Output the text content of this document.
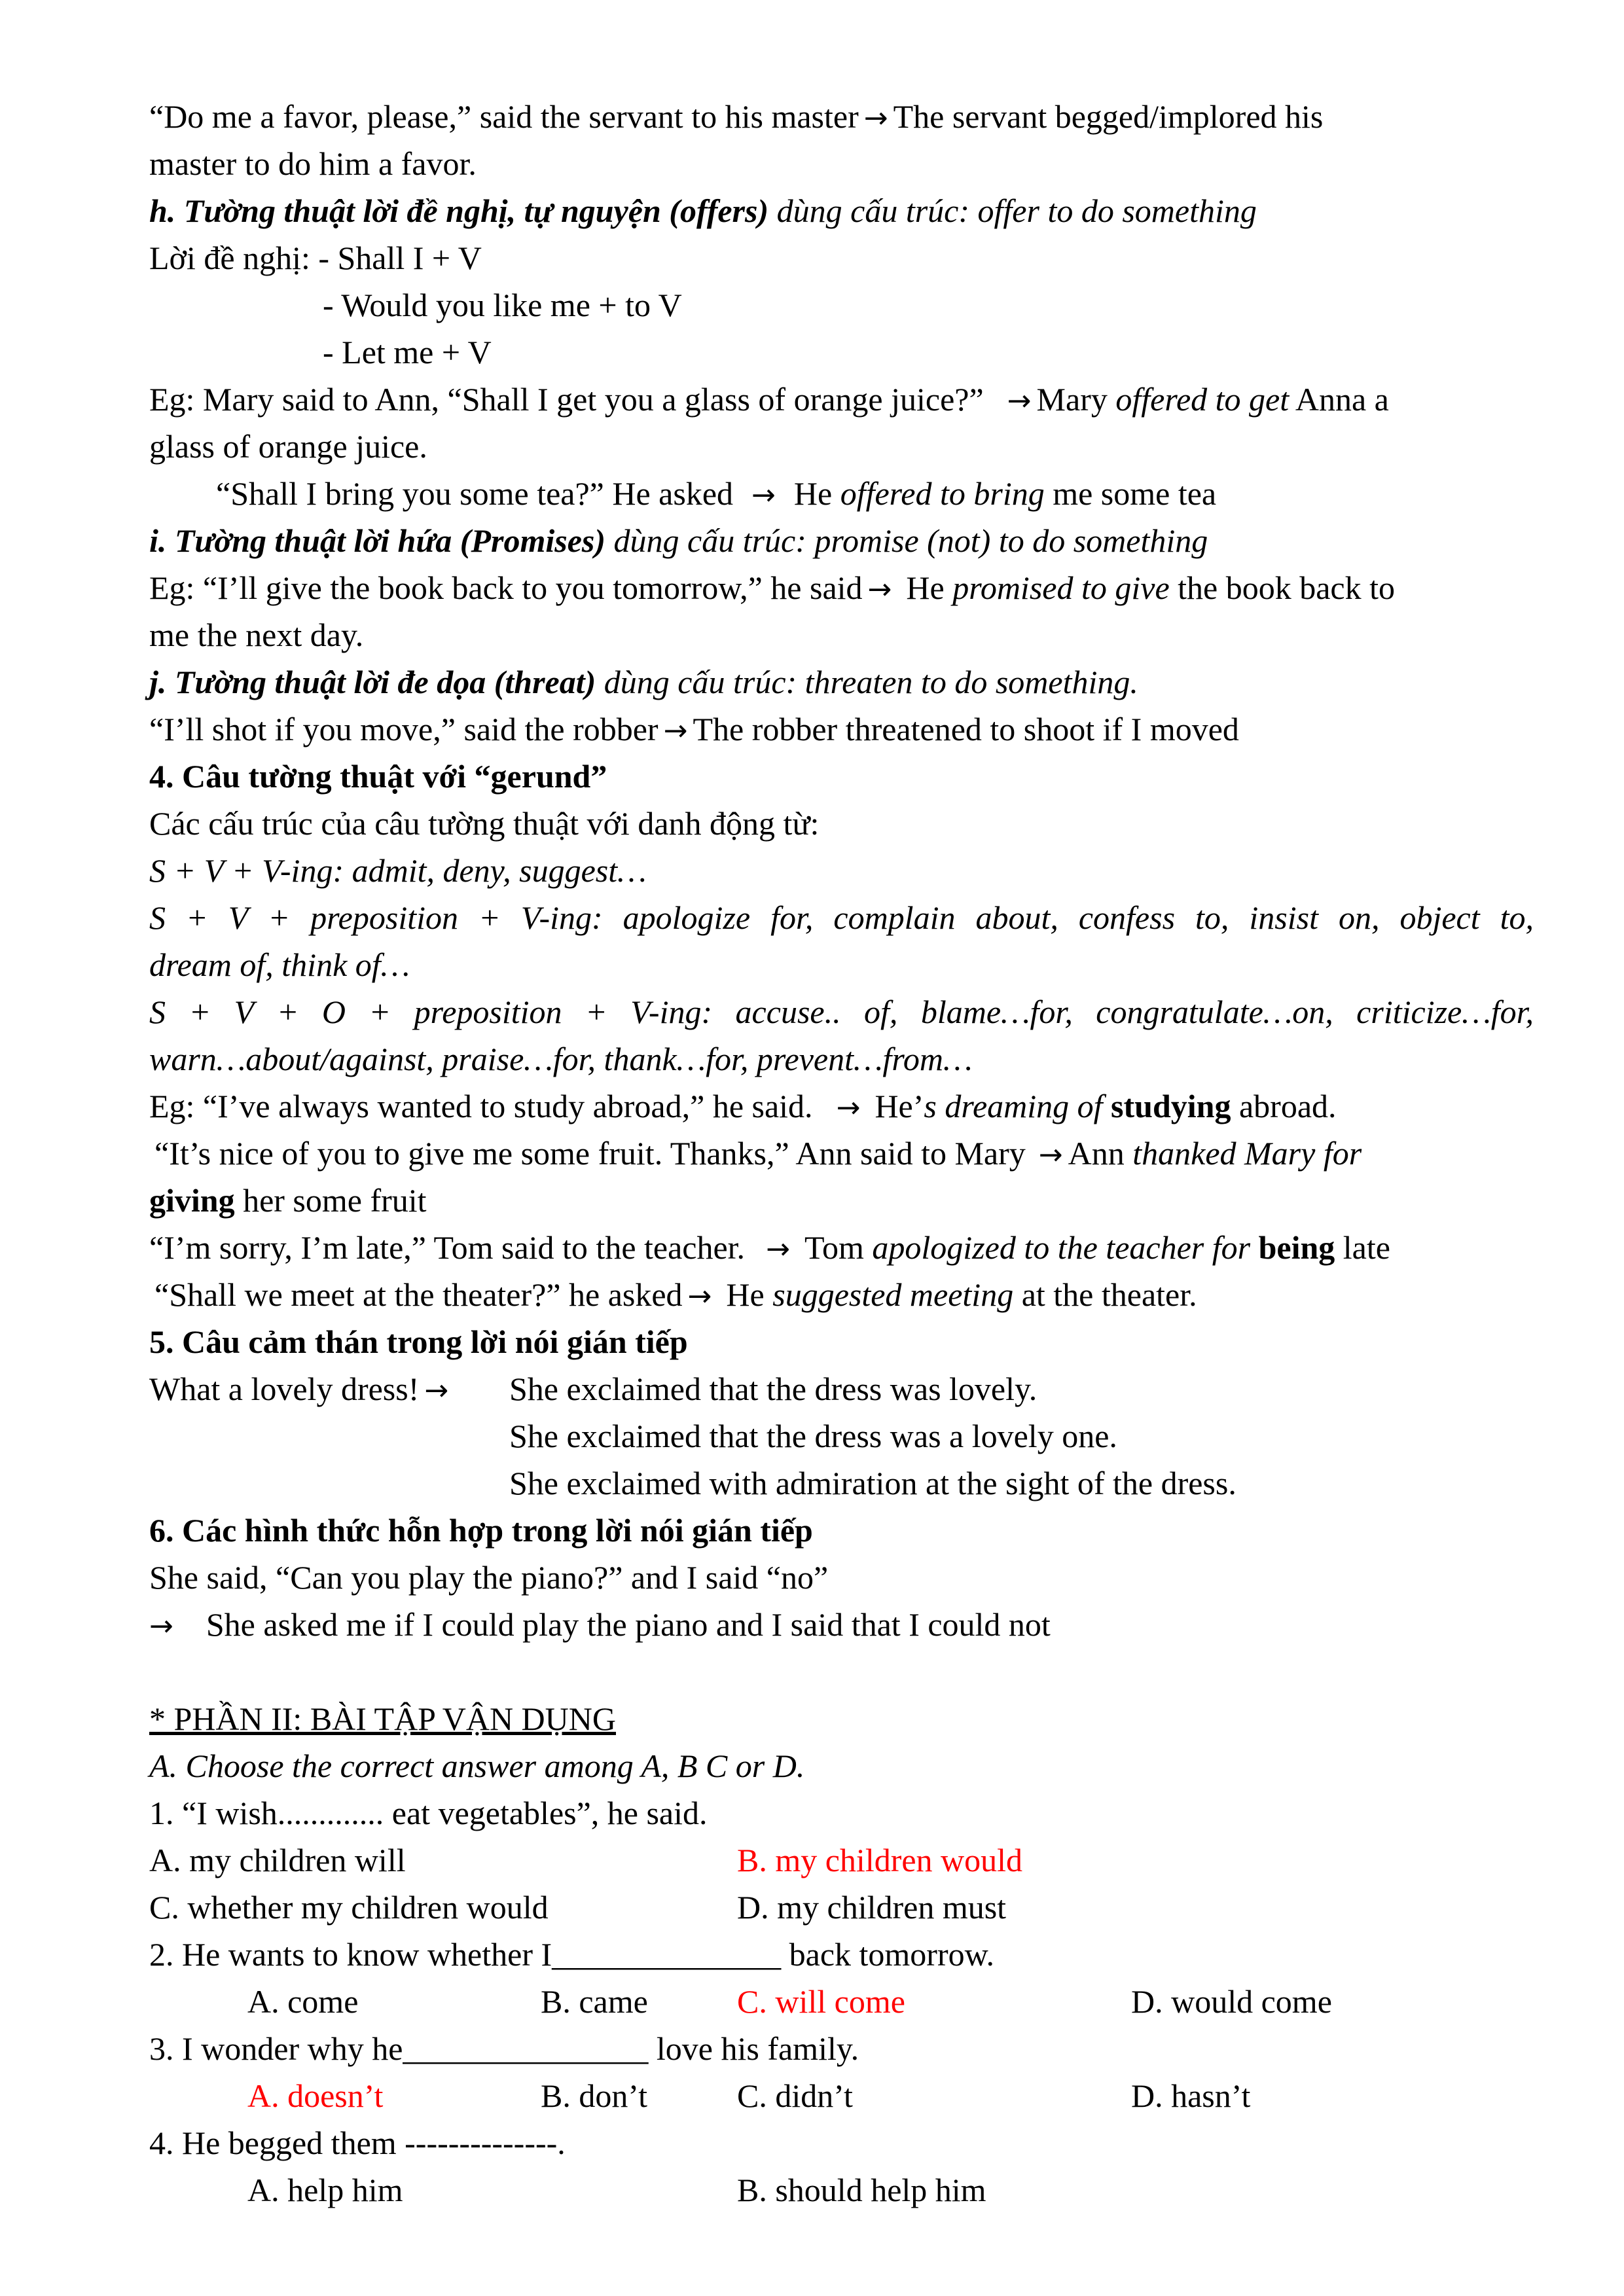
“Do me a favor, please,” said the servant to his master → The servant begged/implored his
master to do him a favor.
h. Tường thuật lời đề nghị, tự nguyện (offers) dùng cấu trúc: offer to do something
Lời đề nghị: - Shall I + V
- Would you like me + to V
- Let me + V
Eg: Mary said to Ann, “Shall I get you a glass of orange juice?” → Mary offered to get Anna a
glass of orange juice.
“Shall I bring you some tea?” He asked → He offered to bring me some tea
i. Tường thuật lời hứa (Promises) dùng cấu trúc: promise (not) to do something
Eg: “I’ll give the book back to you tomorrow,” he said → He promised to give the book back to
me the next day.
j. Tường thuật lời đe dọa (threat) dùng cấu trúc: threaten to do something.
“I’ll shot if you move,” said the robber → The robber threatened to shoot if I moved
4. Câu tường thuật với “gerund”
Các cấu trúc của câu tường thuật với danh động từ:
S + V + V-ing: admit, deny, suggest…
S + V + preposition + V-ing: apologize for, complain about, confess to, insist on, object to,
dream of, think of…
S + V + O + preposition + V-ing: accuse.. of, blame…for, congratulate…on, criticize…for,
warn…about/against, praise…for, thank…for, prevent…from…
Eg: “I’ve always wanted to study abroad,” he said. → He’s dreaming of studying abroad.
“It’s nice of you to give me some fruit. Thanks,” Ann said to Mary → Ann thanked Mary for
giving her some fruit
“I’m sorry, I’m late,” Tom said to the teacher. → Tom apologized to the teacher for being late
“Shall we meet at the theater?” he asked → He suggested meeting at the theater.
5. Câu cảm thán trong lời nói gián tiếp
What a lovely dress! → She exclaimed that the dress was lovely.
She exclaimed that the dress was a lovely one.
She exclaimed with admiration at the sight of the dress.
6. Các hình thức hỗn hợp trong lời nói gián tiếp
She said, “Can you play the piano?” and I said “no”
→ She asked me if I could play the piano and I said that I could not
* PHẦN II: BÀI TẬP VẬN DỤNG
A. Choose the correct answer among A, B C or D.
1. “I wish............. eat vegetables”, he said.
A. my children will	B. my children would
C. whether my children would	D. my children must
2. He wants to know whether I______________ back tomorrow.
A. come	B. came	C. will come	D. would come
3. I wonder why he_______________ love his family.
A. doesn’t	B. don’t	C. didn’t	D. hasn’t
4. He begged them --------------.
A. help him	B. should help him
